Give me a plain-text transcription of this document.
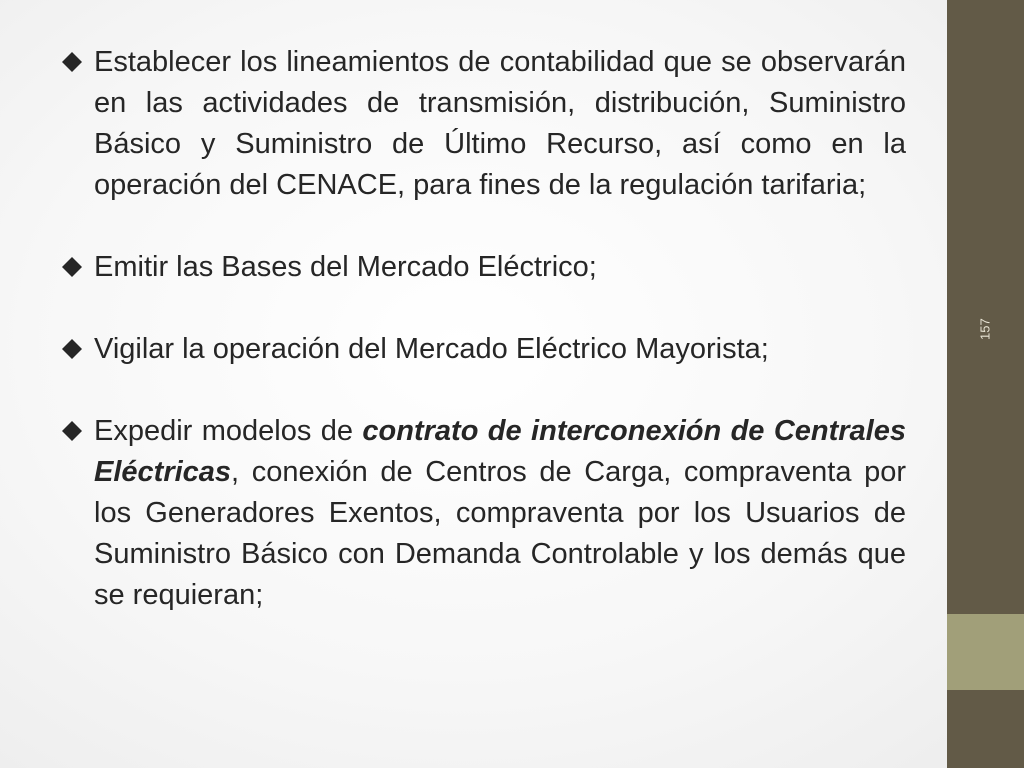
157
Establecer los lineamientos de contabilidad que se observarán en las actividades de transmisión, distribución, Suministro Básico y Suministro de Último Recurso, así como en la operación del CENACE, para fines de la regulación tarifaria;
Emitir las Bases del Mercado Eléctrico;
Vigilar la operación del Mercado Eléctrico Mayorista;
Expedir modelos de contrato de interconexión de Centrales Eléctricas, conexión de Centros de Carga, compraventa por los Generadores Exentos, compraventa por los Usuarios de Suministro Básico con Demanda Controlable y los demás que se requieran;
